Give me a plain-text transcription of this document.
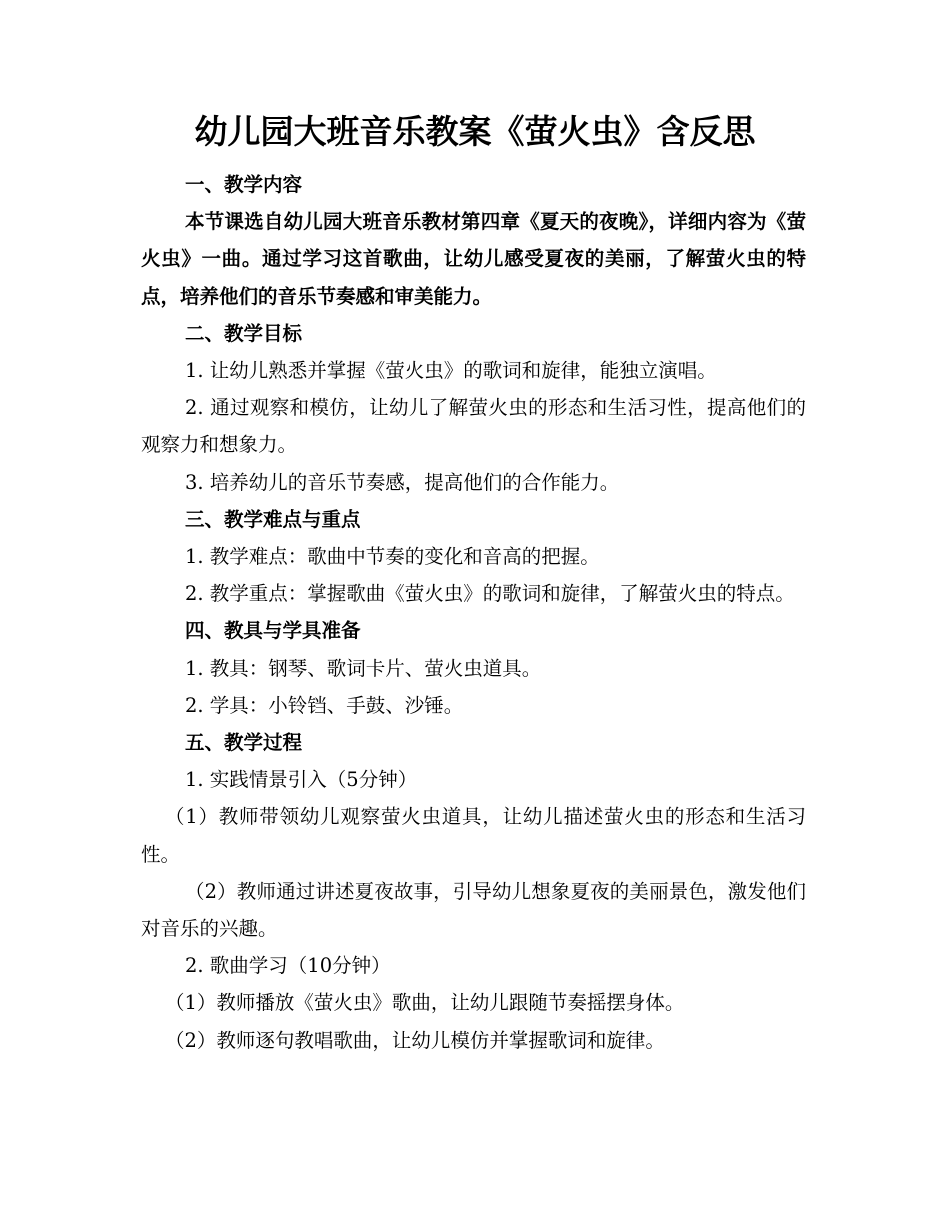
幼儿园大班音乐教案《萤火虫》含反思

一、教学内容

本节课选自幼儿园大班音乐教材第四章《夏天的夜晚》，详细内容为《萤火虫》一曲。通过学习这首歌曲，让幼儿感受夏夜的美丽，了解萤火虫的特点，培养他们的音乐节奏感和审美能力。

二、教学目标

1. 让幼儿熟悉并掌握《萤火虫》的歌词和旋律，能独立演唱。

2. 通过观察和模仿，让幼儿了解萤火虫的形态和生活习性，提高他们的观察力和想象力。

3. 培养幼儿的音乐节奏感，提高他们的合作能力。

三、教学难点与重点

1. 教学难点：歌曲中节奏的变化和音高的把握。

2. 教学重点：掌握歌曲《萤火虫》的歌词和旋律，了解萤火虫的特点。

四、教具与学具准备

1. 教具：钢琴、歌词卡片、萤火虫道具。

2. 学具：小铃铛、手鼓、沙锤。

五、教学过程

1. 实践情景引入（5分钟）

（1）教师带领幼儿观察萤火虫道具，让幼儿描述萤火虫的形态和生活习性。

（2）教师通过讲述夏夜故事，引导幼儿想象夏夜的美丽景色，激发他们对音乐的兴趣。

2. 歌曲学习（10分钟）

（1）教师播放《萤火虫》歌曲，让幼儿跟随节奏摇摆身体。

（2）教师逐句教唱歌曲，让幼儿模仿并掌握歌词和旋律。
